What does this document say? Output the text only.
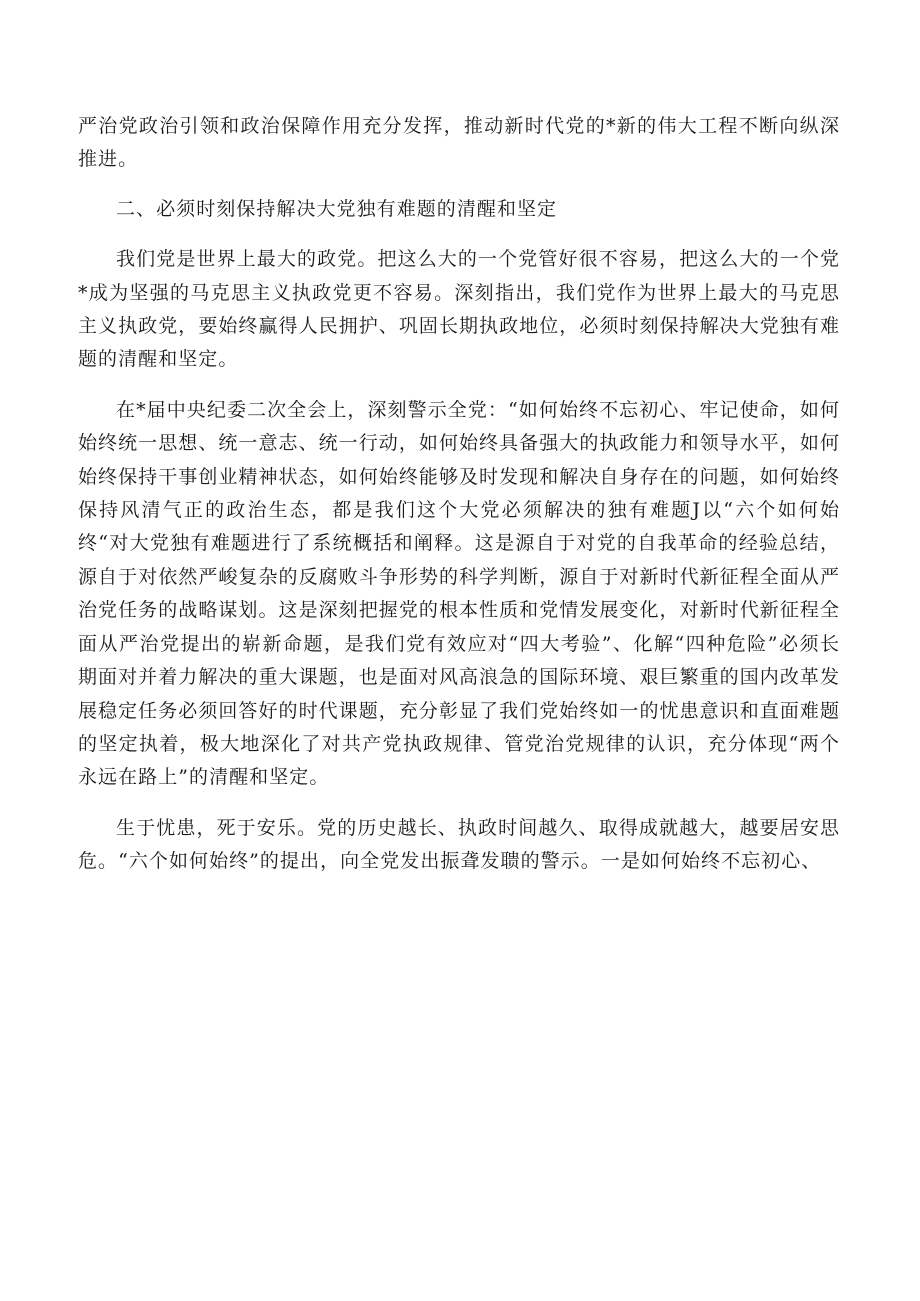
严治党政治引领和政治保障作用充分发挥，推动新时代党的*新的伟大工程不断向纵深推进。

二、必须时刻保持解决大党独有难题的清醒和坚定

我们党是世界上最大的政党。把这么大的一个党管好很不容易，把这么大的一个党*成为坚强的马克思主义执政党更不容易。深刻指出，我们党作为世界上最大的马克思主义执政党，要始终赢得人民拥护、巩固长期执政地位，必须时刻保持解决大党独有难题的清醒和坚定。

在*届中央纪委二次全会上，深刻警示全党：“如何始终不忘初心、牢记使命，如何始终统一思想、统一意志、统一行动，如何始终具备强大的执政能力和领导水平，如何始终保持干事创业精神状态，如何始终能够及时发现和解决自身存在的问题，如何始终保持风清气正的政治生态，都是我们这个大党必须解决的独有难题J以“六个如何始终“对大党独有难题进行了系统概括和阐释。这是源自于对党的自我革命的经验总结，源自于对依然严峻复杂的反腐败斗争形势的科学判断，源自于对新时代新征程全面从严治党任务的战略谋划。这是深刻把握党的根本性质和党情发展变化，对新时代新征程全面从严治党提出的崭新命题，是我们党有效应对“四大考验”、化解“四种危险”必须长期面对并着力解决的重大课题，也是面对风高浪急的国际环境、艰巨繁重的国内改革发展稳定任务必须回答好的时代课题，充分彰显了我们党始终如一的忧患意识和直面难题的坚定执着，极大地深化了对共产党执政规律、管党治党规律的认识，充分体现“两个永远在路上”的清醒和坚定。

生于忧患，死于安乐。党的历史越长、执政时间越久、取得成就越大，越要居安思危。“六个如何始终”的提出，向全党发出振聋发聩的警示。一是如何始终不忘初心、
